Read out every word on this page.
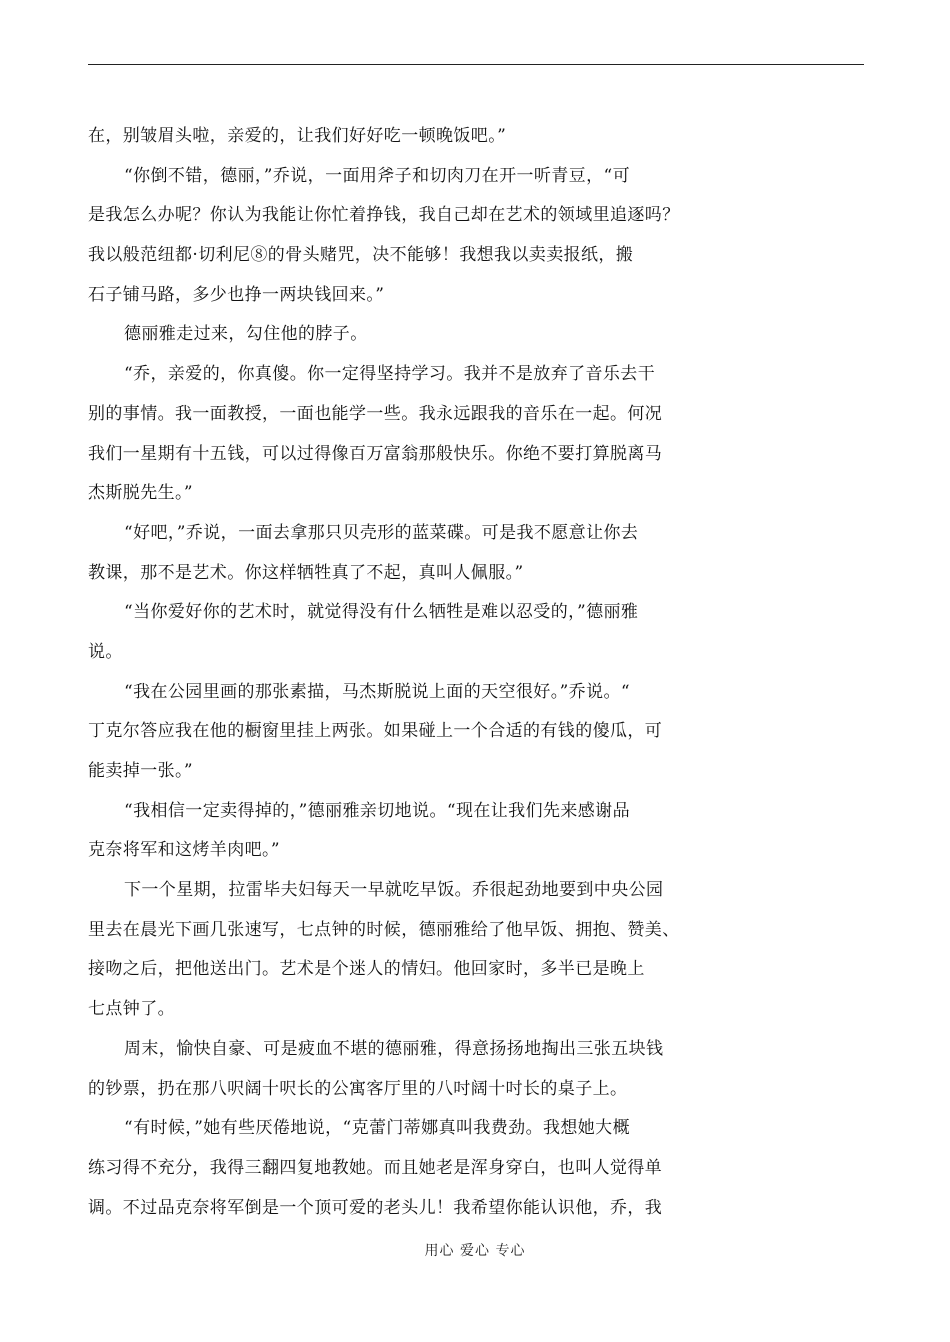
在，别皱眉头啦，亲爱的，让我们好好吃一顿晚饭吧。”
“你倒不错，德丽，”乔说，一面用斧子和切肉刀在开一听青豆，“可
是我怎么办呢？你认为我能让你忙着挣钱，我自己却在艺术的领域里追逐吗？
我以般范纽都·切利尼⑧的骨头赌咒，决不能够！我想我以卖卖报纸，搬
石子铺马路，多少也挣一两块钱回来。”
德丽雅走过来，勾住他的脖子。
“乔，亲爱的，你真傻。你一定得坚持学习。我并不是放弃了音乐去干
别的事情。我一面教授，一面也能学一些。我永远跟我的音乐在一起。何况
我们一星期有十五钱，可以过得像百万富翁那般快乐。你绝不要打算脱离马
杰斯脱先生。”
“好吧，”乔说，一面去拿那只贝壳形的蓝菜碟。可是我不愿意让你去
教课，那不是艺术。你这样牺牲真了不起，真叫人佩服。”
“当你爱好你的艺术时，就觉得没有什么牺牲是难以忍受的，”德丽雅
说。
“我在公园里画的那张素描，马杰斯脱说上面的天空很好。”乔说。“
丁克尔答应我在他的橱窗里挂上两张。如果碰上一个合适的有钱的傻瓜，可
能卖掉一张。”
“我相信一定卖得掉的，”德丽雅亲切地说。“现在让我们先来感谢品
克奈将军和这烤羊肉吧。”
下一个星期，拉雷毕夫妇每天一早就吃早饭。乔很起劲地要到中央公园
里去在晨光下画几张速写，七点钟的时候，德丽雅给了他早饭、拥抱、赞美、
接吻之后，把他送出门。艺术是个迷人的情妇。他回家时，多半已是晚上
七点钟了。
周末，愉快自豪、可是疲血不堪的德丽雅，得意扬扬地掏出三张五块钱
的钞票，扔在那八呎阔十呎长的公寓客厅里的八吋阔十吋长的桌子上。
“有时候，”她有些厌倦地说，“克蕾门蒂娜真叫我费劲。我想她大概
练习得不充分，我得三翻四复地教她。而且她老是浑身穿白，也叫人觉得单
调。不过品克奈将军倒是一个顶可爱的老头儿！我希望你能认识他，乔，我
用心 爱心 专心
